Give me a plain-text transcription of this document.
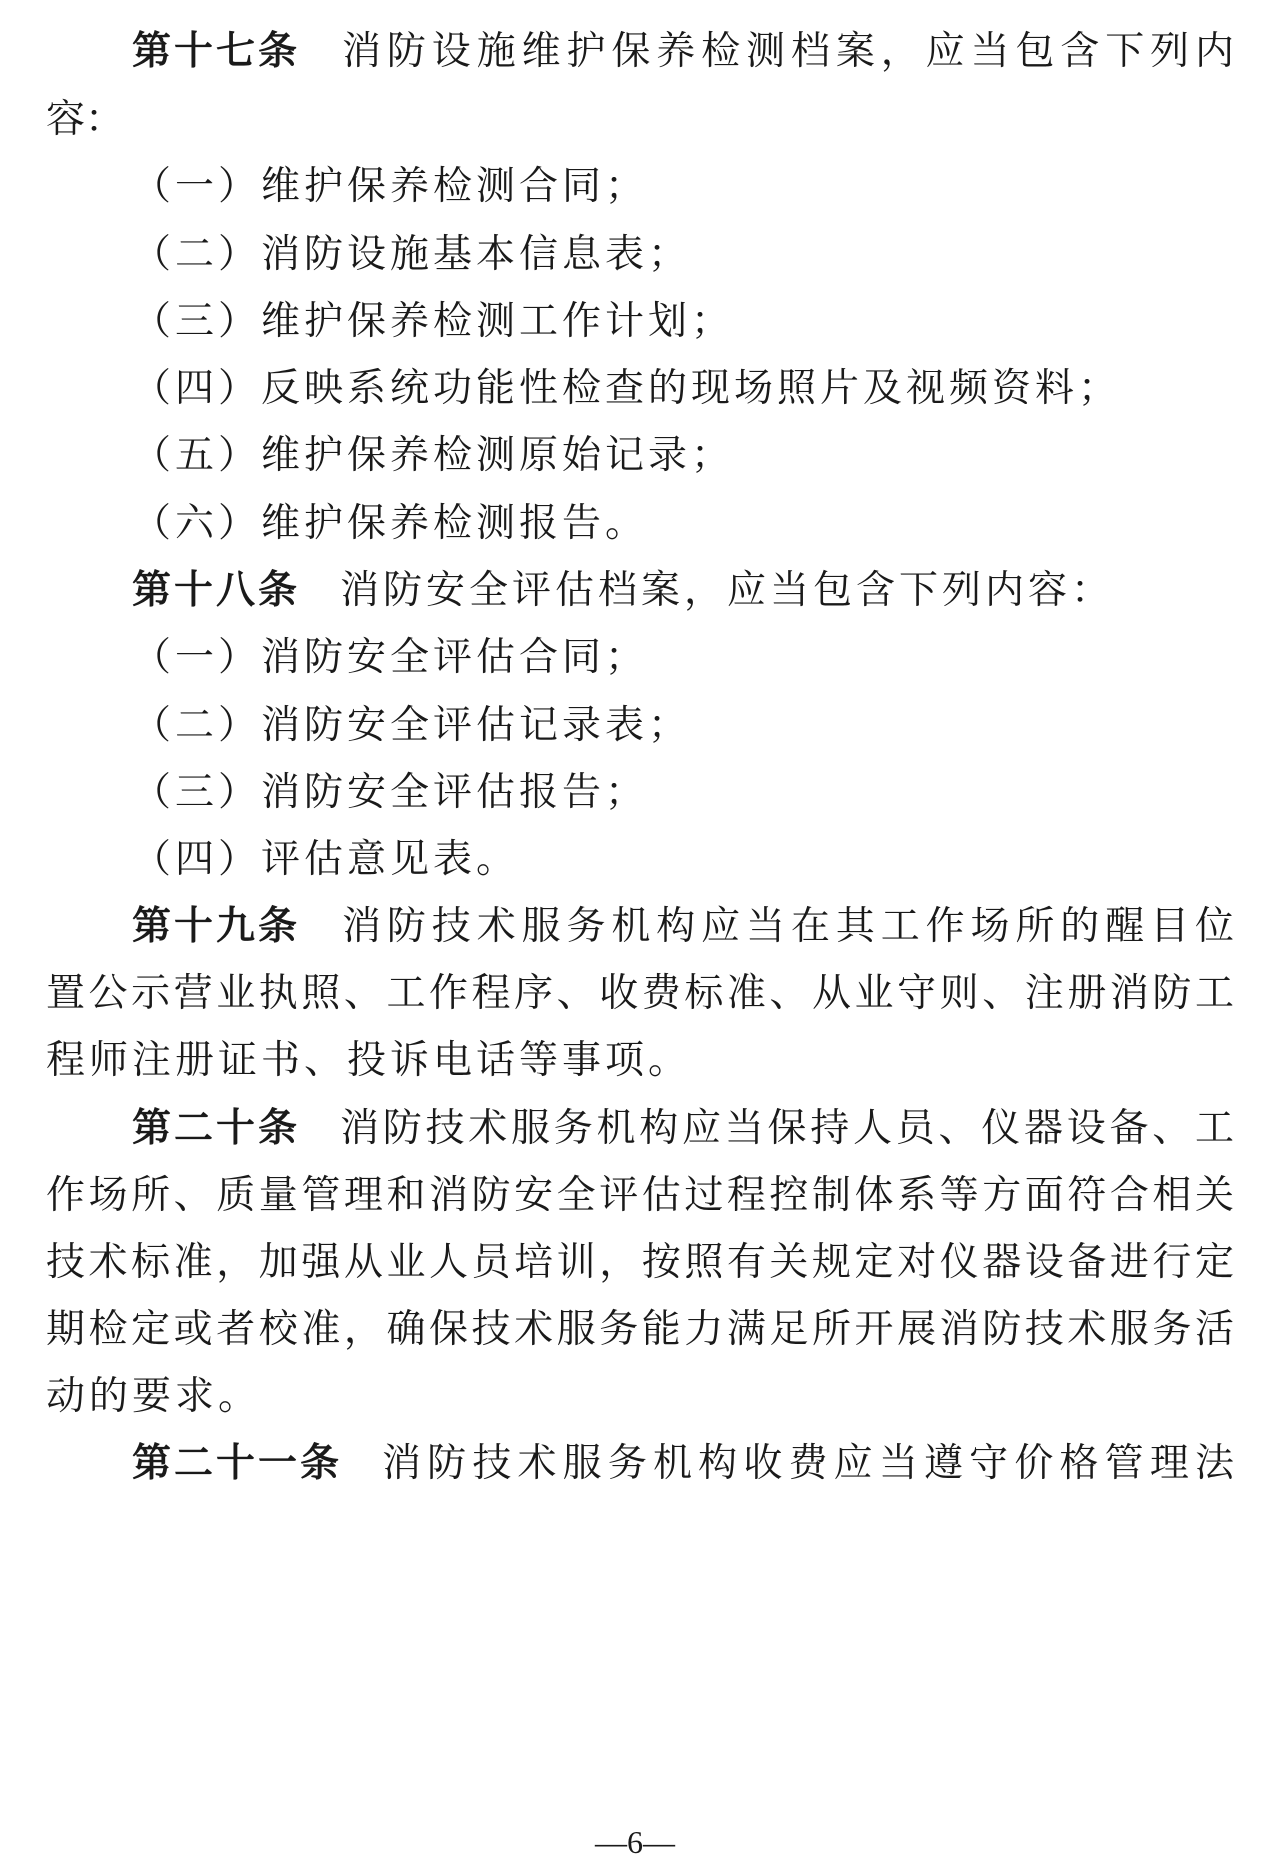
第十七条 消防设施维护保养检测档案，应当包含下列内
容：
（一）维护保养检测合同；
（二）消防设施基本信息表；
（三）维护保养检测工作计划；
（四）反映系统功能性检查的现场照片及视频资料；
（五）维护保养检测原始记录；
（六）维护保养检测报告。
第十八条 消防安全评估档案，应当包含下列内容：
（一）消防安全评估合同；
（二）消防安全评估记录表；
（三）消防安全评估报告；
（四）评估意见表。
第十九条 消防技术服务机构应当在其工作场所的醒目位
置公示营业执照、工作程序、收费标准、从业守则、注册消防工
程师注册证书、投诉电话等事项。
第二十条 消防技术服务机构应当保持人员、仪器设备、工
作场所、质量管理和消防安全评估过程控制体系等方面符合相关
技术标准，加强从业人员培训，按照有关规定对仪器设备进行定
期检定或者校准，确保技术服务能力满足所开展消防技术服务活
动的要求。
第二十一条 消防技术服务机构收费应当遵守价格管理法
—6—
